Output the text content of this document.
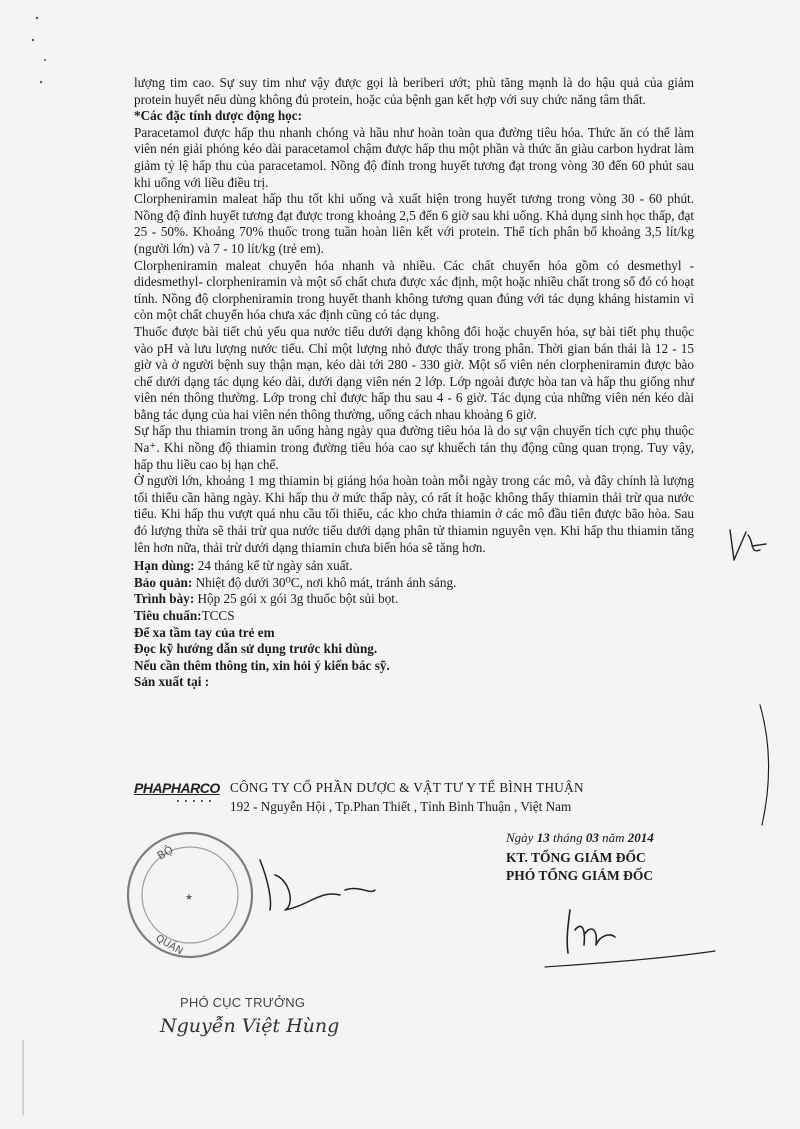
lượng tim cao. Sự suy tim như vậy được gọi là beriberi ướt; phù tăng mạnh là do hậu quả của giảm protein huyết nếu dùng không đủ protein, hoặc của bệnh gan kết hợp với suy chức năng tâm thất.

*Các đặc tính dược động học:

Paracetamol được hấp thu nhanh chóng và hầu như hoàn toàn qua đường tiêu hóa. Thức ăn có thể làm viên nén giải phóng kéo dài paracetamol chậm được hấp thu một phần và thức ăn giàu carbon hydrat làm giảm tỷ lệ hấp thu của paracetamol. Nồng độ đỉnh trong huyết tương đạt trong vòng 30 đến 60 phút sau khi uống với liều điều trị.

Clorpheniramin maleat hấp thu tốt khi uống và xuất hiện trong huyết tương trong vòng 30 - 60 phút. Nồng độ đỉnh huyết tương đạt được trong khoảng 2,5 đến 6 giờ sau khi uống. Khả dụng sinh học thấp, đạt 25 - 50%. Khoảng 70% thuốc trong tuần hoàn liên kết với protein. Thể tích phân bố khoảng 3,5 lít/kg (người lớn) và 7 - 10 lít/kg (trẻ em).

Clorpheniramin maleat chuyển hóa nhanh và nhiều. Các chất chuyển hóa gồm có desmethyl - didesmethyl- clorpheniramin và một số chất chưa được xác định, một hoặc nhiều chất trong số đó có hoạt tính. Nồng độ clorpheniramin trong huyết thanh không tương quan đúng với tác dụng kháng histamin vì còn một chất chuyển hóa chưa xác định cũng có tác dụng.

Thuốc được bài tiết chủ yếu qua nước tiểu dưới dạng không đổi hoặc chuyển hóa, sự bài tiết phụ thuộc vào pH và lưu lượng nước tiểu. Chỉ một lượng nhỏ được thấy trong phân. Thời gian bán thải là 12 - 15 giờ và ở người bệnh suy thận mạn, kéo dài tới 280 - 330 giờ. Một số viên nén clorpheniramin được bào chế dưới dạng tác dụng kéo dài, dưới dạng viên nén 2 lớp. Lớp ngoài được hòa tan và hấp thu giống như viên nén thông thường. Lớp trong chỉ được hấp thu sau 4 - 6 giờ. Tác dụng của những viên nén kéo dài bằng tác dụng của hai viên nén thông thường, uống cách nhau khoảng 6 giờ.

Sự hấp thu thiamin trong ăn uống hàng ngày qua đường tiêu hóa là do sự vận chuyển tích cực phụ thuộc Na⁺. Khi nồng độ thiamin trong đường tiêu hóa cao sự khuếch tán thụ động cũng quan trọng. Tuy vậy, hấp thu liều cao bị hạn chế.

Ở người lớn, khoảng 1 mg thiamin bị giáng hóa hoàn toàn mỗi ngày trong các mô, và đây chính là lượng tối thiểu cần hàng ngày. Khi hấp thu ở mức thấp này, có rất ít hoặc không thấy thiamin thải trừ qua nước tiểu. Khi hấp thu vượt quá nhu cầu tối thiểu, các kho chứa thiamin ở các mô đầu tiên được bão hòa. Sau đó lượng thừa sẽ thải trừ qua nước tiểu dưới dạng phân tử thiamin nguyên vẹn. Khi hấp thu thiamin tăng lên hơn nữa, thải trừ dưới dạng thiamin chưa biến hóa sẽ tăng hơn.

Hạn dùng: 24 tháng kể từ ngày sản xuất.

Bảo quản: Nhiệt độ dưới 30⁰C, nơi khô mát, tránh ánh sáng.

Trình bày: Hộp 25 gói x gói 3g thuốc bột sủi bọt.

Tiêu chuẩn:TCCS

Để xa tầm tay của trẻ em

Đọc kỹ hướng dẫn sử dụng trước khi dùng.

Nếu cần thêm thông tin, xin hỏi ý kiến bác sỹ.

Sản xuất tại :

PHAPHARCO CÔNG TY CỔ PHẦN DƯỢC & VẬT TƯ Y TẾ BÌNH THUẬN
192 - Nguyễn Hội , Tp.Phan Thiết , Tỉnh Bình Thuận , Việt Nam
Ngày 13 tháng 03 năm 2014
KT. TỔNG GIÁM ĐỐC
PHÓ TỔNG GIÁM ĐỐC
BỘ
QUẢN
★
PHÓ CỤC TRƯỞNG
Nguyễn Việt Hùng
